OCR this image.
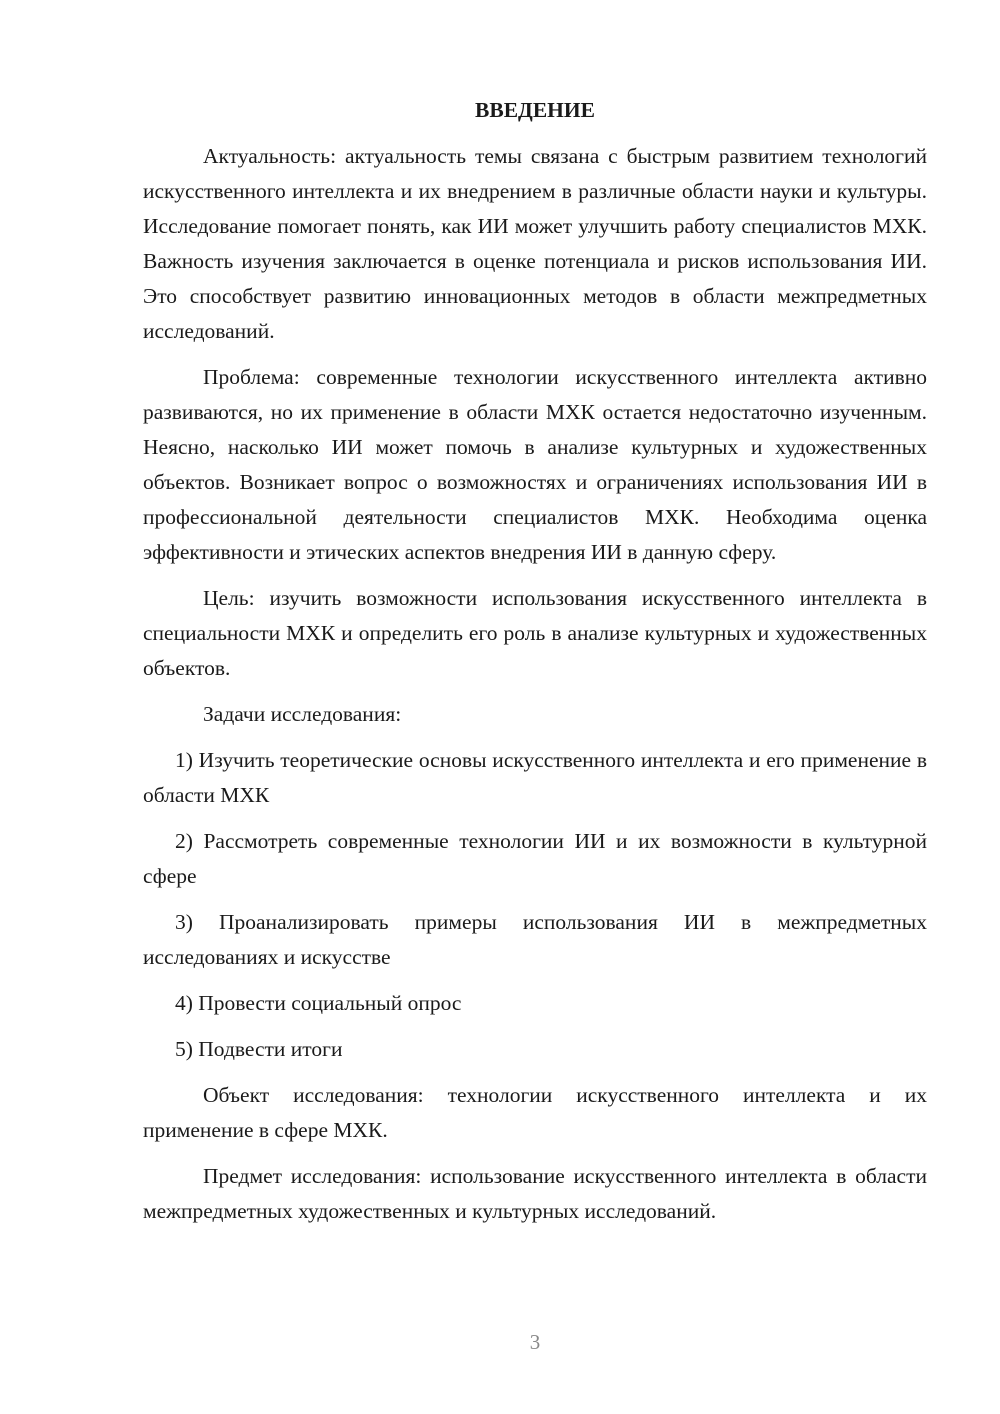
ВВЕДЕНИЕ

Актуальность: актуальность темы связана с быстрым развитием технологий искусственного интеллекта и их внедрением в различные области науки и культуры. Исследование помогает понять, как ИИ может улучшить работу специалистов МХК. Важность изучения заключается в оценке потенциала и рисков использования ИИ. Это способствует развитию инновационных методов в области межпредметных исследований.

Проблема: современные технологии искусственного интеллекта активно развиваются, но их применение в области МХК остается недостаточно изученным. Неясно, насколько ИИ может помочь в анализе культурных и художественных объектов. Возникает вопрос о возможностях и ограничениях использования ИИ в профессиональной деятельности специалистов МХК. Необходима оценка эффективности и этических аспектов внедрения ИИ в данную сферу.

Цель: изучить возможности использования искусственного интеллекта в специальности МХК и определить его роль в анализе культурных и художественных объектов.

Задачи исследования:

1) Изучить теоретические основы искусственного интеллекта и его применение в области МХК

2) Рассмотреть современные технологии ИИ и их возможности в культурной сфере

3) Проанализировать примеры использования ИИ в межпредметных исследованиях и искусстве

4) Провести социальный опрос

5) Подвести итоги

Объект исследования: технологии искусственного интеллекта и их применение в сфере МХК.

Предмет исследования: использование искусственного интеллекта в области межпредметных художественных и культурных исследований.

3
